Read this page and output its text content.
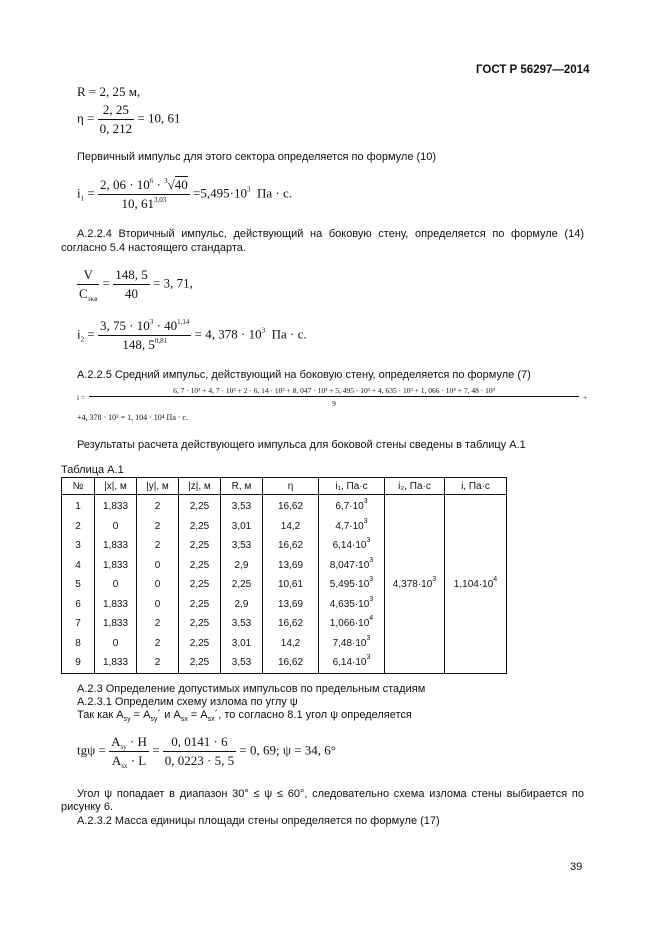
ГОСТ Р 56297—2014
R = 2, 25 м,
$\eta = \frac{2, 25}{0, 212} = 10$, 61
Первичный импульс для этого сектора определяется по формуле (10)
$i_1 = \frac{2, 06 \cdot 10^6 \cdot ^3√40}{10, 61^{3,03}} =5,495\cdot 10^3$ Па · с.
А.2.2.4 Вторичный импульс, действующий на боковую стену, определяется по формуле (14)
согласно 5.4 настоящего стандарта.
$\frac{V}{С_{экв}} = \frac{148, 5}{40} = 3$, 71,
$i_2 = \frac{3, 75 \cdot 10^3 \cdot 40^{1,14}}{148, 5^{0,81}} = 4$, $378 \cdot 10^3$ Па · с.
А.2.2.5 Средний импульс, действующий на боковую стену, определяется по формуле (7)
i =
6, 7 · 10³ + 4, 7 · 10³ + 2 · 6, 14 · 10³ + 8, 047 · 10³ + 5, 495 · 10³ + 4, 635 · 10³ + 1, 066 · 10⁴ + 7, 48 · 10³
9
+
+4, 378 · 10³ = 1, 104 · 10⁴ Па · с.
Результаты расчета действующего импульса для боковой стены сведены в таблицу А.1
Таблица А.1
№	|x|, м	|y|, м	|z|, м	R, м	η	i₁, Па·с	i₂, Па·с	i, Па·с
1	1,833	2	2,25	3,53	16,62	$6,7\cdot 10^3$	$4,378\cdot 10^3$	$1,104\cdot 10^4$
2	0	2	2,25	3,01	14,2	$4,7\cdot 10^3$
3	1,833	2	2,25	3,53	16,62	$6,14\cdot 10^3$
4	1,833	0	2,25	2,9	13,69	$8,047\cdot 10^3$
5	0	0	2,25	2,25	10,61	$5,495\cdot 10^3$
6	1,833	0	2,25	2,9	13,69	$4,635\cdot 10^3$
7	1,833	2	2,25	3,53	16,62	$1,066\cdot 10^4$
8	0	2	2,25	3,01	14,2	$7,48\cdot 10^3$
9	1,833	2	2,25	3,53	16,62	$6,14\cdot 10^3$
А.2.3 Определение допустимых импульсов по предельным стадиям
А.2.3.1 Определим схему излома по углу ψ
Так как $А_{sy}$ = $А_{sy}´$ и $А_{sx}$ = $А_{sx}´$, то согласно 8.1 угол ψ определяется
$tg\psi = \frac{А_{sy} \cdot Н}{А_{sx} \cdot L} = \frac{0, 0141 \cdot 6}{0, 0223 \cdot 5, 5} = 0$, 69; ψ = 34, 6°
Угол ψ попадает в диапазон 30° ≤ ψ ≤ 60°, следовательно схема излома стены выбирается по
рисунку 6.
А.2.3.2 Масса единицы площади стены определяется по формуле (17)
39
